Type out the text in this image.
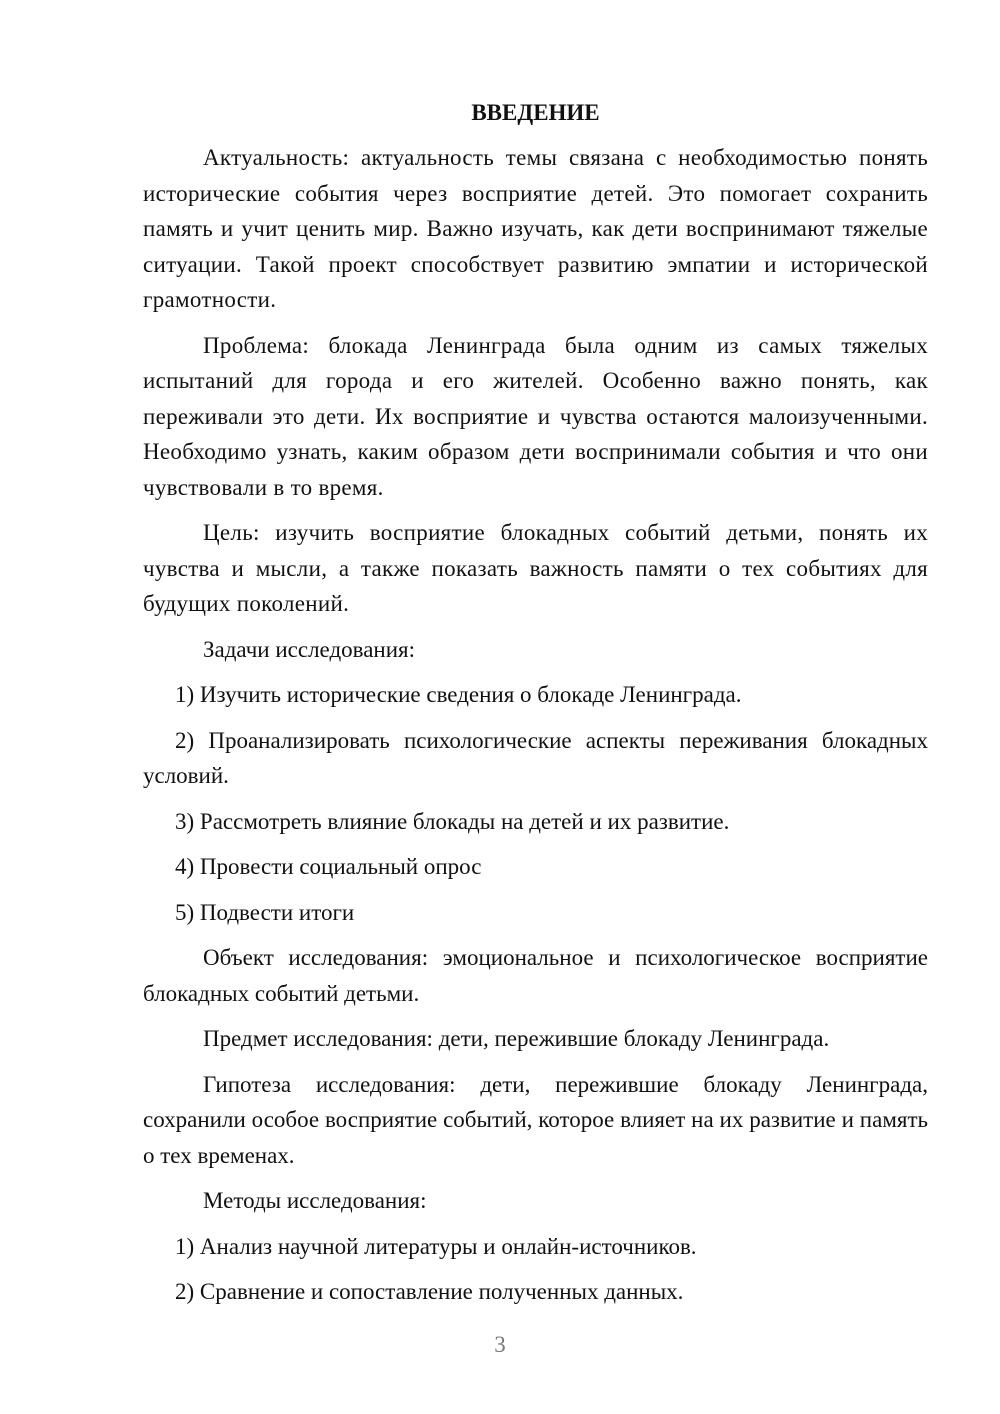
ВВЕДЕНИЕ

Актуальность: актуальность темы связана с необходимостью понять исторические события через восприятие детей. Это помогает сохранить память и учит ценить мир. Важно изучать, как дети воспринимают тяжелые ситуации. Такой проект способствует развитию эмпатии и исторической грамотности.

Проблема: блокада Ленинграда была одним из самых тяжелых испытаний для города и его жителей. Особенно важно понять, как переживали это дети. Их восприятие и чувства остаются малоизученными. Необходимо узнать, каким образом дети воспринимали события и что они чувствовали в то время.

Цель: изучить восприятие блокадных событий детьми, понять их чувства и мысли, а также показать важность памяти о тех событиях для будущих поколений.

Задачи исследования:

1) Изучить исторические сведения о блокаде Ленинграда.

2) Проанализировать психологические аспекты переживания блокадных условий.

3) Рассмотреть влияние блокады на детей и их развитие.

4) Провести социальный опрос

5) Подвести итоги

Объект исследования: эмоциональное и психологическое восприятие блокадных событий детьми.

Предмет исследования: дети, пережившие блокаду Ленинграда.

Гипотеза исследования: дети, пережившие блокаду Ленинграда, сохранили особое восприятие событий, которое влияет на их развитие и память о тех временах.

Методы исследования:

1) Анализ научной литературы и онлайн-источников.

2) Сравнение и сопоставление полученных данных.

3
